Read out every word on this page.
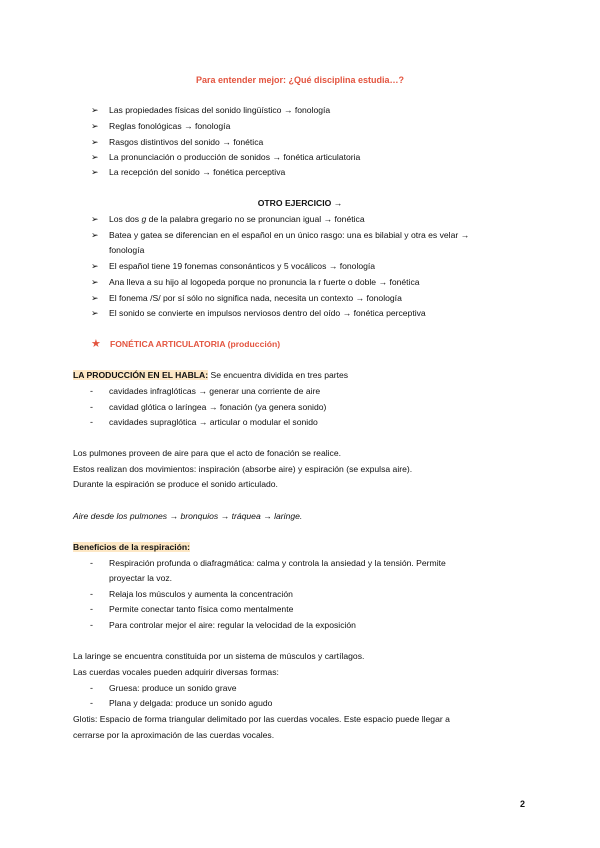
Para entender mejor: ¿Qué disciplina estudia…?
➢ Las propiedades físicas del sonido lingüístico → fonología
➢ Reglas fonológicas → fonología
➢ Rasgos distintivos del sonido → fonética
➢ La pronunciación o producción de sonidos → fonética articulatoria
➢ La recepción del sonido → fonética perceptiva
OTRO EJERCICIO →
➢ Los dos g de la palabra gregario no se pronuncian igual → fonética
➢ Batea y gatea se diferencian en el español en un único rasgo: una es bilabial y otra es velar →
fonología
➢ El español tiene 19 fonemas consonánticos y 5 vocálicos → fonología
➢ Ana lleva a su hijo al logopeda porque no pronuncia la r fuerte o doble → fonética
➢ El fonema /S/ por sí sólo no significa nada, necesita un contexto → fonología
➢ El sonido se convierte en impulsos nerviosos dentro del oído → fonética perceptiva
★ FONÉTICA ARTICULATORIA (producción)
LA PRODUCCIÓN EN EL HABLA: Se encuentra dividida en tres partes
- cavidades infraglóticas → generar una corriente de aire
- cavidad glótica o laríngea → fonación (ya genera sonido)
- cavidades supraglótica → articular o modular el sonido
Los pulmones proveen de aire para que el acto de fonación se realice.
Estos realizan dos movimientos: inspiración (absorbe aire) y espiración (se expulsa aire).
Durante la espiración se produce el sonido articulado.
Aire desde los pulmones → bronquios → tráquea → laringe.
Beneficios de la respiración:
- Respiración profunda o diafragmática: calma y controla la ansiedad y la tensión. Permite
proyectar la voz.
- Relaja los músculos y aumenta la concentración
- Permite conectar tanto física como mentalmente
- Para controlar mejor el aire: regular la velocidad de la exposición
La laringe se encuentra constituida por un sistema de músculos y cartílagos.
Las cuerdas vocales pueden adquirir diversas formas:
- Gruesa: produce un sonido grave
- Plana y delgada: produce un sonido agudo
Glotis: Espacio de forma triangular delimitado por las cuerdas vocales. Este espacio puede llegar a
cerrarse por la aproximación de las cuerdas vocales.
2
